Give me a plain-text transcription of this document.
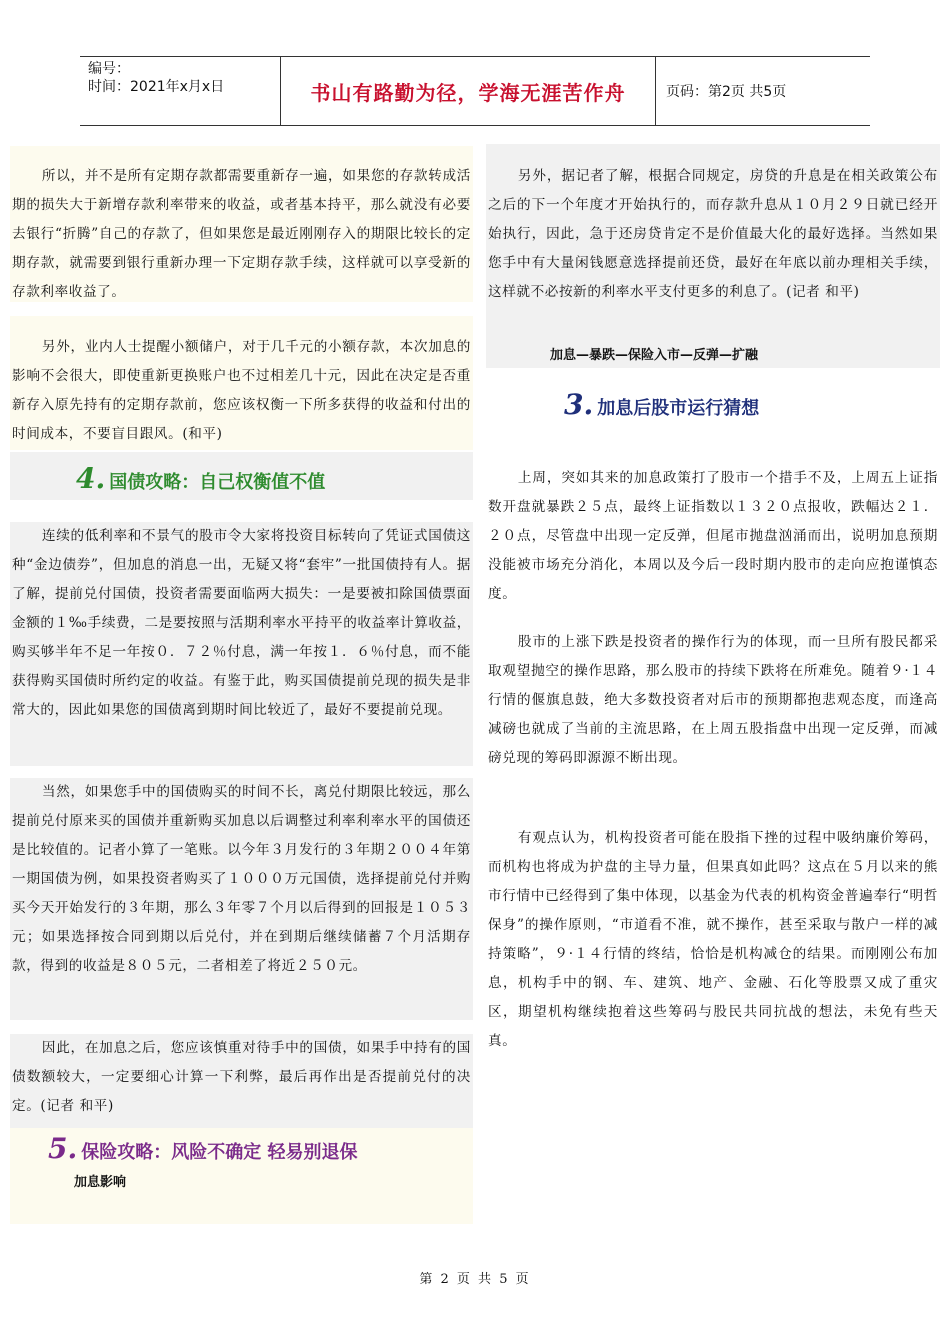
编号：
时间：2021年x月x日	书山有路勤为径，学海无涯苦作舟	页码：第2页 共5页

所以，并不是所有定期存款都需要重新存一遍，如果您的存款转成活期的损失大于新增存款利率带来的收益，或者基本持平，那么就没有必要去银行“折腾”自己的存款了，但如果您是最近刚刚存入的期限比较长的定期存款，就需要到银行重新办理一下定期存款手续，这样就可以享受新的存款利率收益了。

另外，业内人士提醒小额储户，对于几千元的小额存款，本次加息的影响不会很大，即使重新更换账户也不过相差几十元，因此在决定是否重新存入原先持有的定期存款前，您应该权衡一下所多获得的收益和付出的时间成本，不要盲目跟风。(和平)

4. 国债攻略：自己权衡值不值

连续的低利率和不景气的股市令大家将投资目标转向了凭证式国债这种“金边债券”，但加息的消息一出，无疑又将“套牢”一批国债持有人。据了解，提前兑付国债，投资者需要面临两大损失：一是要被扣除国债票面金额的１‰手续费，二是要按照与活期利率水平持平的收益率计算收益，购买够半年不足一年按０．７２％付息，满一年按１．６％付息，而不能获得购买国债时所约定的收益。有鉴于此，购买国债提前兑现的损失是非常大的，因此如果您的国债离到期时间比较近了，最好不要提前兑现。

当然，如果您手中的国债购买的时间不长，离兑付期限比较远，那么提前兑付原来买的国债并重新购买加息以后调整过利率利率水平的国债还是比较值的。记者小算了一笔账。以今年３月发行的３年期２００４年第一期国债为例，如果投资者购买了１０００万元国债，选择提前兑付并购买今天开始发行的３年期，那么３年零７个月以后得到的回报是１０５３元；如果选择按合同到期以后兑付，并在到期后继续储蓄７个月活期存款，得到的收益是８０５元，二者相差了将近２５０元。

因此，在加息之后，您应该慎重对待手中的国债，如果手中持有的国债数额较大，一定要细心计算一下利弊，最后再作出是否提前兑付的决定。(记者 和平)

5. 保险攻略：风险不确定 轻易别退保
加息影响

另外，据记者了解，根据合同规定，房贷的升息是在相关政策公布之后的下一个年度才开始执行的，而存款升息从１０月２９日就已经开始执行，因此，急于还房贷肯定不是价值最大化的最好选择。当然如果您手中有大量闲钱愿意选择提前还贷，最好在年底以前办理相关手续，这样就不必按新的利率水平支付更多的利息了。(记者 和平)

加息—暴跌—保险入市—反弹—扩融
3. 加息后股市运行猜想

上周，突如其来的加息政策打了股市一个措手不及，上周五上证指数开盘就暴跌２５点，最终上证指数以１３２０点报收，跌幅达２１．２０点，尽管盘中出现一定反弹，但尾市抛盘汹涌而出，说明加息预期没能被市场充分消化，本周以及今后一段时期内股市的走向应抱谨慎态度。

股市的上涨下跌是投资者的操作行为的体现，而一旦所有股民都采取观望抛空的操作思路，那么股市的持续下跌将在所难免。随着９·１４行情的偃旗息鼓，绝大多数投资者对后市的预期都抱悲观态度，而逢高减磅也就成了当前的主流思路，在上周五股指盘中出现一定反弹，而减磅兑现的筹码即源源不断出现。

有观点认为，机构投资者可能在股指下挫的过程中吸纳廉价筹码，而机构也将成为护盘的主导力量，但果真如此吗？这点在５月以来的熊市行情中已经得到了集中体现，以基金为代表的机构资金普遍奉行“明哲保身”的操作原则，“市道看不准，就不操作，甚至采取与散户一样的减持策略”，９·１４行情的终结，恰恰是机构减仓的结果。而刚刚公布加息，机构手中的钢、车、建筑、地产、金融、石化等股票又成了重灾区，期望机构继续抱着这些筹码与股民共同抗战的想法，未免有些天真。

第 2 页 共 5 页
